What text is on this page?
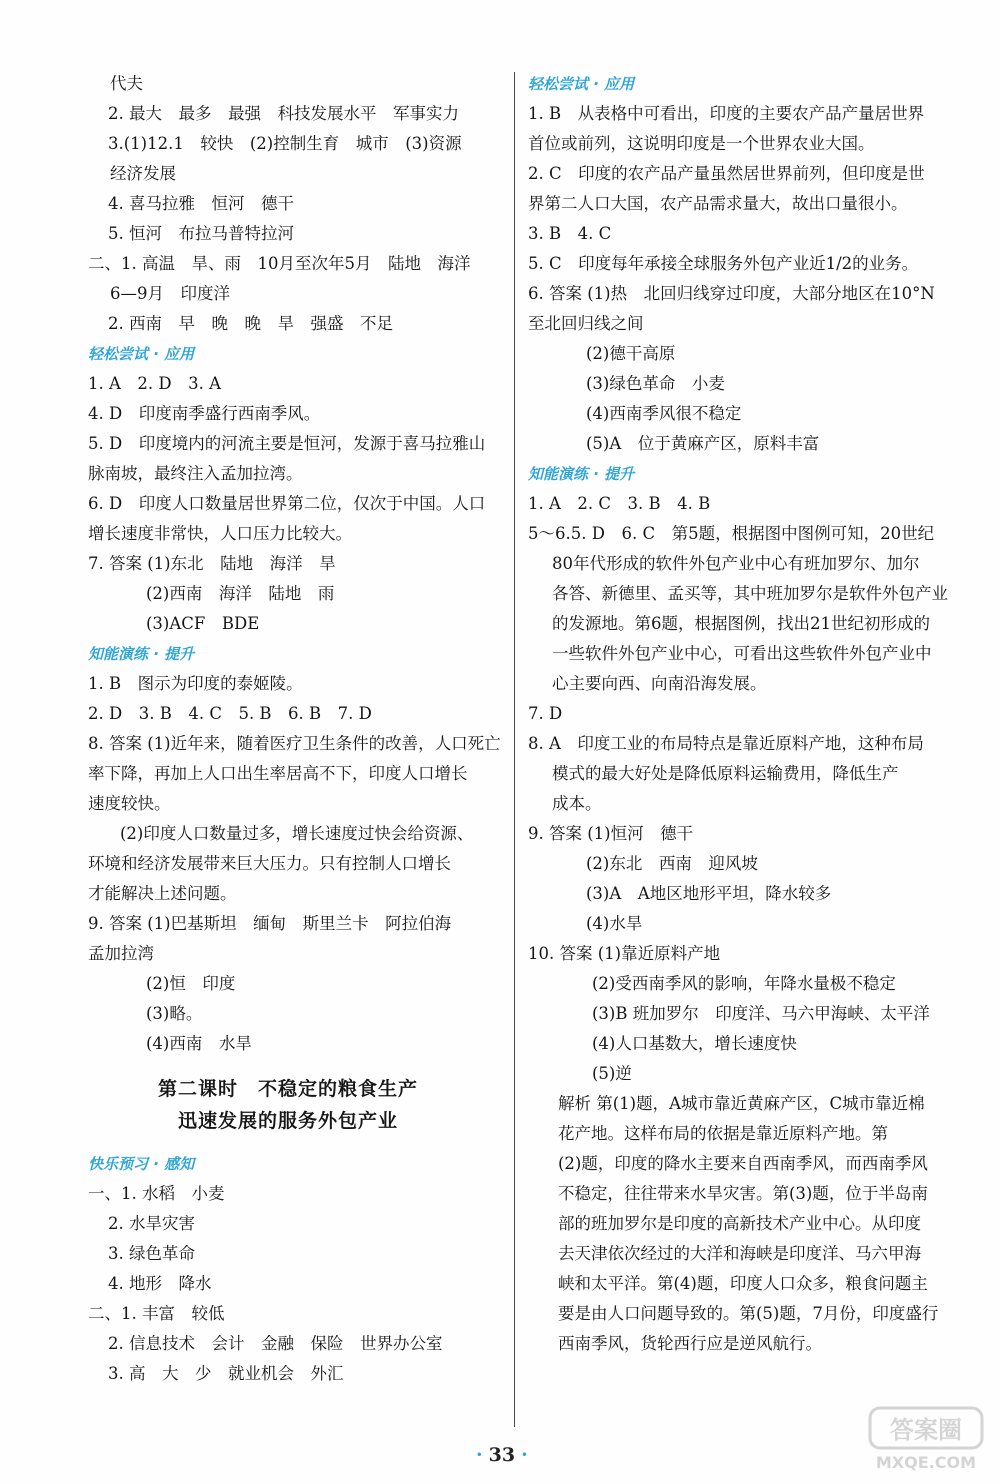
代夫
2. 最大　最多　最强　科技发展水平　军事实力
3.(1)12.1　较快　(2)控制生育　城市　(3)资源
经济发展
4. 喜马拉雅　恒河　德干
5. 恒河　布拉马普特拉河
二、1. 高温　旱、雨　10月至次年5月　陆地　海洋
6—9月　印度洋
2. 西南　早　晚　晚　旱　强盛　不足
轻松尝试 · 应用
1. A　2. D　3. A
4. D　印度南季盛行西南季风。
5. D　印度境内的河流主要是恒河，发源于喜马拉雅山
脉南坡，最终注入孟加拉湾。
6. D　印度人口数量居世界第二位，仅次于中国。人口
增长速度非常快，人口压力比较大。
7. 答案 (1)东北　陆地　海洋　旱
(2)西南　海洋　陆地　雨
(3)ACF　BDE
知能演练 · 提升
1. B　图示为印度的泰姬陵。
2. D　3. B　4. C　5. B　6. B　7. D
8. 答案 (1)近年来，随着医疗卫生条件的改善，人口死亡
率下降，再加上人口出生率居高不下，印度人口增长
速度较快。
(2)印度人口数量过多，增长速度过快会给资源、
环境和经济发展带来巨大压力。只有控制人口增长
才能解决上述问题。
9. 答案 (1)巴基斯坦　缅甸　斯里兰卡　阿拉伯海
孟加拉湾
(2)恒　印度
(3)略。
(4)西南　水旱
第二课时　不稳定的粮食生产
迅速发展的服务外包产业
快乐预习 · 感知
一、1. 水稻　小麦
2. 水旱灾害
3. 绿色革命
4. 地形　降水
二、1. 丰富　较低
2. 信息技术　会计　金融　保险　世界办公室
3. 高　大　少　就业机会　外汇
轻松尝试 · 应用
1. B　从表格中可看出，印度的主要农产品产量居世界
首位或前列，这说明印度是一个世界农业大国。
2. C　印度的农产品产量虽然居世界前列，但印度是世
界第二人口大国，农产品需求量大，故出口量很小。
3. B　4. C
5. C　印度每年承接全球服务外包产业近1/2的业务。
6. 答案 (1)热　北回归线穿过印度，大部分地区在10°N
至北回归线之间
(2)德干高原
(3)绿色革命　小麦
(4)西南季风很不稳定
(5)A　位于黄麻产区，原料丰富
知能演练 · 提升
1. A　2. C　3. B　4. B
5～6.5. D　6. C　第5题，根据图中图例可知，20世纪
80年代形成的软件外包产业中心有班加罗尔、加尔
各答、新德里、孟买等，其中班加罗尔是软件外包产业
的发源地。第6题，根据图例，找出21世纪初形成的
一些软件外包产业中心，可看出这些软件外包产业中
心主要向西、向南沿海发展。
7. D
8. A　印度工业的布局特点是靠近原料产地，这种布局
模式的最大好处是降低原料运输费用，降低生产
成本。
9. 答案 (1)恒河　德干
(2)东北　西南　迎风坡
(3)A　A地区地形平坦，降水较多
(4)水旱
10. 答案 (1)靠近原料产地
(2)受西南季风的影响，年降水量极不稳定
(3)B 班加罗尔　印度洋、马六甲海峡、太平洋
(4)人口基数大，增长速度快
(5)逆
解析 第(1)题，A城市靠近黄麻产区，C城市靠近棉
花产地。这样布局的依据是靠近原料产地。第
(2)题，印度的降水主要来自西南季风，而西南季风
不稳定，往往带来水旱灾害。第(3)题，位于半岛南
部的班加罗尔是印度的高新技术产业中心。从印度
去天津依次经过的大洋和海峡是印度洋、马六甲海
峡和太平洋。第(4)题，印度人口众多，粮食问题主
要是由人口问题导致的。第(5)题，7月份，印度盛行
西南季风，货轮西行应是逆风航行。
· 33 ·
答案圈
MXQE.COM
